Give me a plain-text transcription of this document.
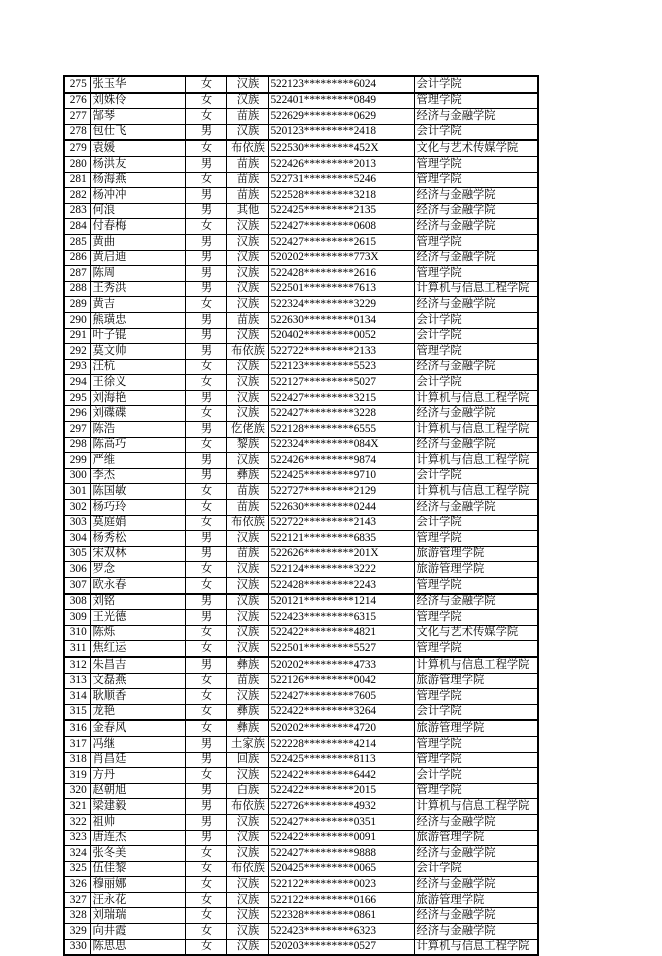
275	张玉华	女	汉族	522123*********6024	会计学院
276	刘姝伶	女	汉族	522401*********0849	管理学院
277	郜琴	女	苗族	522629*********0629	经济与金融学院
278	包仕飞	男	汉族	520123*********2418	会计学院
279	袁媛	女	布依族	522530*********452X	文化与艺术传媒学院
280	杨洪友	男	苗族	522426*********2013	管理学院
281	杨海燕	女	苗族	522731*********5246	管理学院
282	杨冲冲	男	苗族	522528*********3218	经济与金融学院
283	何浪	男	其他	522425*********2135	经济与金融学院
284	付春梅	女	汉族	522427*********0608	经济与金融学院
285	黄曲	男	汉族	522427*********2615	管理学院
286	黄启迪	男	汉族	520202*********773X	经济与金融学院
287	陈周	男	汉族	522428*********2616	管理学院
288	王秀洪	男	汉族	522501*********7613	计算机与信息工程学院
289	黄吉	女	汉族	522324*********3229	经济与金融学院
290	熊璜忠	男	苗族	522630*********0134	会计学院
291	叶子锟	男	汉族	520402*********0052	会计学院
292	莫文帅	男	布依族	522722*********2133	管理学院
293	汪杭	女	汉族	522123*********5523	经济与金融学院
294	王徐义	女	汉族	522127*********5027	会计学院
295	刘海艳	男	汉族	522427*********3215	计算机与信息工程学院
296	刘碟碟	女	汉族	522427*********3228	经济与金融学院
297	陈浩	男	仡佬族	522128*********6555	计算机与信息工程学院
298	陈高巧	女	黎族	522324*********084X	经济与金融学院
299	严维	男	汉族	522426*********9874	计算机与信息工程学院
300	李杰	男	彝族	522425*********9710	会计学院
301	陈国敏	女	苗族	522727*********2129	计算机与信息工程学院
302	杨巧玲	女	苗族	522630*********0244	经济与金融学院
303	莫庭娟	女	布依族	522722*********2143	会计学院
304	杨秀松	男	汉族	522121*********6835	管理学院
305	宋双林	男	苗族	522626*********201X	旅游管理学院
306	罗念	女	汉族	522124*********3222	旅游管理学院
307	欧永春	女	汉族	522428*********2243	管理学院
308	刘铭	男	汉族	520121*********1214	经济与金融学院
309	王光德	男	汉族	522423*********6315	管理学院
310	陈烁	女	汉族	522422*********4821	文化与艺术传媒学院
311	焦红运	女	汉族	522501*********5527	管理学院
312	朱昌吉	男	彝族	520202*********4733	计算机与信息工程学院
313	文磊燕	女	苗族	522126*********0042	旅游管理学院
314	耿顺香	女	汉族	522427*********7605	管理学院
315	龙艳	女	彝族	522422*********3264	会计学院
316	金春风	女	彝族	520202*********4720	旅游管理学院
317	冯继	男	土家族	522228*********4214	管理学院
318	肖昌廷	男	回族	522425*********8113	管理学院
319	方丹	女	汉族	522422*********6442	会计学院
320	赵朝旭	男	白族	522422*********2015	管理学院
321	梁建毅	男	布依族	522726*********4932	计算机与信息工程学院
322	祖帅	男	汉族	522427*********0351	经济与金融学院
323	唐连杰	男	汉族	522422*********0091	旅游管理学院
324	张冬美	女	汉族	522427*********9888	经济与金融学院
325	伍佳黎	女	布依族	520425*********0065	会计学院
326	穆丽娜	女	汉族	522122*********0023	经济与金融学院
327	汪永花	女	汉族	522122*********0166	旅游管理学院
328	刘瑞瑞	女	汉族	522328*********0861	经济与金融学院
329	向井霞	女	汉族	522423*********6323	经济与金融学院
330	陈思思	女	汉族	520203*********0527	计算机与信息工程学院
